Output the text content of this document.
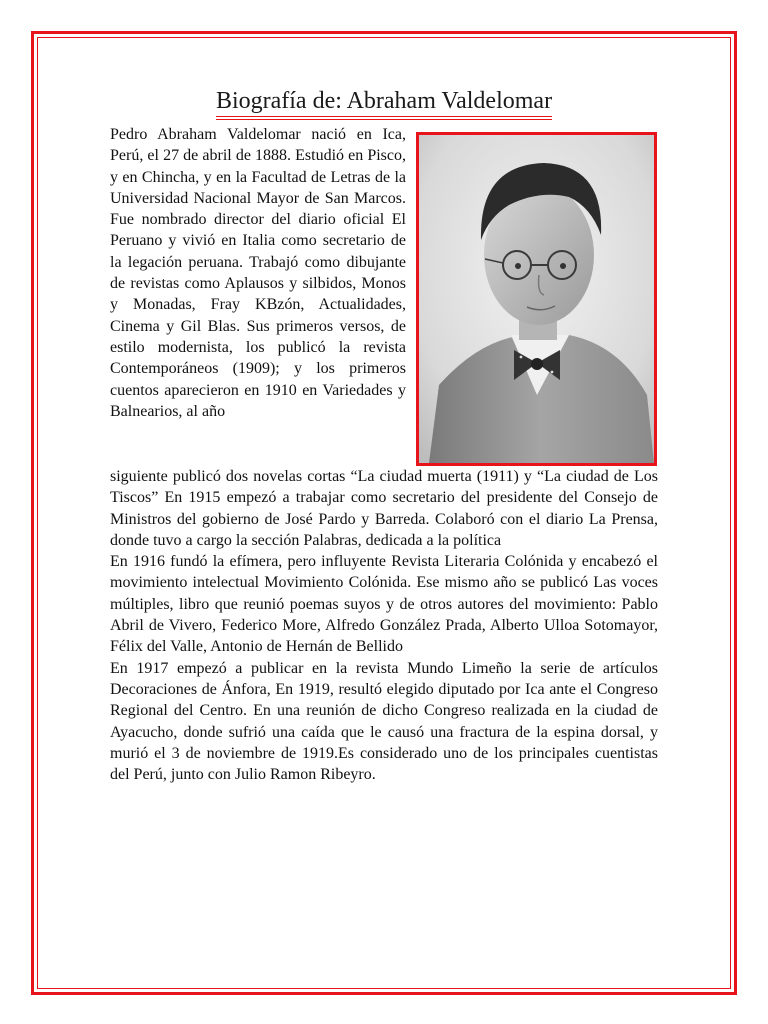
Biografía de: Abraham Valdelomar

Pedro Abraham Valdelomar nació en Ica, Perú, el 27 de abril de 1888. Estudió en Pisco, y en Chincha, y en la Facultad de Letras de la Universidad Nacional Mayor de San Marcos. Fue nombrado director del diario oficial El Peruano y vivió en Italia como secretario de la legación peruana. Trabajó como dibujante de revistas como Aplausos y silbidos, Monos y Monadas, Fray KBzón, Actualidades, Cinema y Gil Blas. Sus primeros versos, de estilo modernista, los publicó la revista Contemporáneos (1909); y los primeros cuentos aparecieron en 1910 en Variedades y Balnearios, al año

siguiente publicó dos novelas cortas “La ciudad muerta (1911) y “La ciudad de Los Tiscos” En 1915 empezó a trabajar como secretario del presidente del Consejo de Ministros del gobierno de José Pardo y Barreda. Colaboró con el diario La Prensa, donde tuvo a cargo la sección Palabras, dedicada a la política
En 1916 fundó la efímera, pero influyente Revista Literaria Colónida y encabezó el movimiento intelectual Movimiento Colónida. Ese mismo año se publicó Las voces múltiples, libro que reunió poemas suyos y de otros autores del movimiento: Pablo Abril de Vivero, Federico More, Alfredo González Prada, Alberto Ulloa Sotomayor, Félix del Valle, Antonio de Hernán de Bellido
En 1917 empezó a publicar en la revista Mundo Limeño la serie de artículos Decoraciones de Ánfora, En 1919, resultó elegido diputado por Ica ante el Congreso Regional del Centro. En una reunión de dicho Congreso realizada en la ciudad de Ayacucho, donde sufrió una caída que le causó una fractura de la espina dorsal, y murió el 3 de noviembre de 1919.Es considerado uno de los principales cuentistas del Perú, junto con Julio Ramon Ribeyro.
